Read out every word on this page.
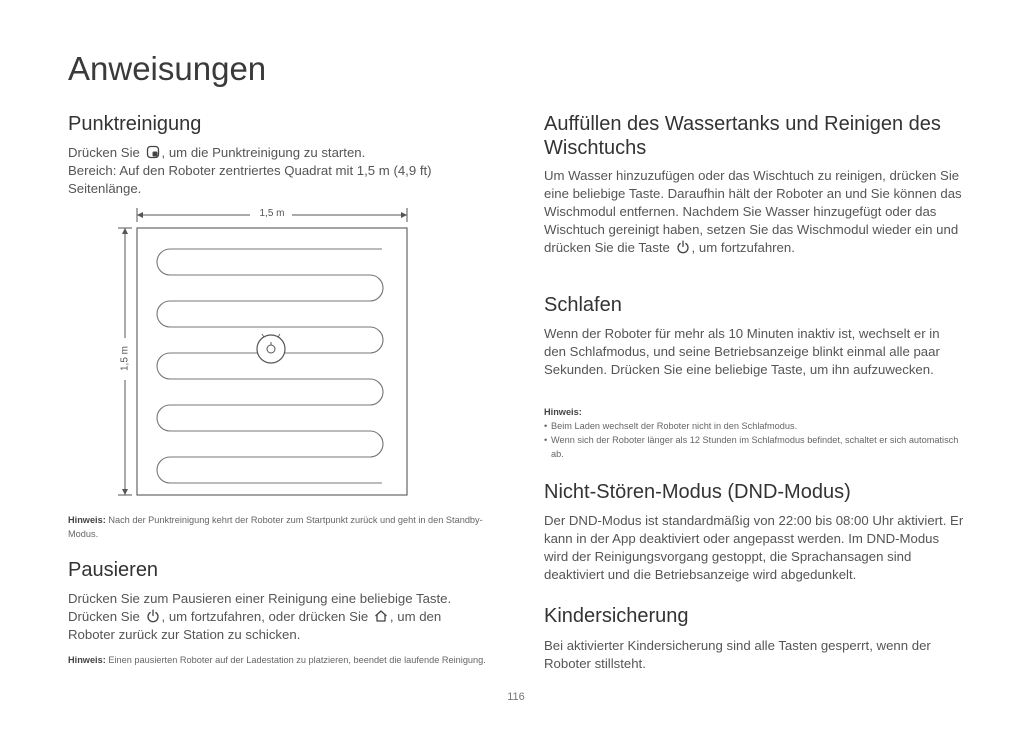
Anweisungen
Punktreinigung

Drücken Sie , um die Punktreinigung zu starten.

Bereich: Auf den Roboter zentriertes Quadrat mit 1,5 m (4,9 ft)

Seitenlänge.

1,5 m
1,5 m
Hinweis: Nach der Punktreinigung kehrt der Roboter zum Startpunkt zurück und geht in den Standby-Modus.
Pausieren

Drücken Sie zum Pausieren einer Reinigung eine beliebige Taste.

Drücken Sie , um fortzufahren, oder drücken Sie , um den

Roboter zurück zur Station zu schicken.

Hinweis: Einen pausierten Roboter auf der Ladestation zu platzieren, beendet die laufende Reinigung.
Auffüllen des Wassertanks und Reinigen des Wischtuchs
Um Wasser hinzuzufügen oder das Wischtuch zu reinigen, drücken Sie eine beliebige Taste. Daraufhin hält der Roboter an und Sie können das Wischmodul entfernen. Nachdem Sie Wasser hinzugefügt oder das Wischtuch gereinigt haben, setzen Sie das Wischmodul wieder ein und drücken Sie die Taste , um fortzufahren.
Schlafen
Wenn der Roboter für mehr als 10 Minuten inaktiv ist, wechselt er in den Schlafmodus, und seine Betriebsanzeige blinkt einmal alle paar Sekunden. Drücken Sie eine beliebige Taste, um ihn aufzuwecken.
Hinweis:
• Beim Laden wechselt der Roboter nicht in den Schlafmodus.
• Wenn sich der Roboter länger als 12 Stunden im Schlafmodus befindet, schaltet er sich automatisch ab.
Nicht-Stören-Modus (DND-Modus)
Der DND-Modus ist standardmäßig von 22:00 bis 08:00 Uhr aktiviert. Er kann in der App deaktiviert oder angepasst werden. Im DND-Modus wird der Reinigungsvorgang gestoppt, die Sprachansagen sind deaktiviert und die Betriebsanzeige wird abgedunkelt.
Kindersicherung
Bei aktivierter Kindersicherung sind alle Tasten gesperrt, wenn der Roboter stillsteht.
116
